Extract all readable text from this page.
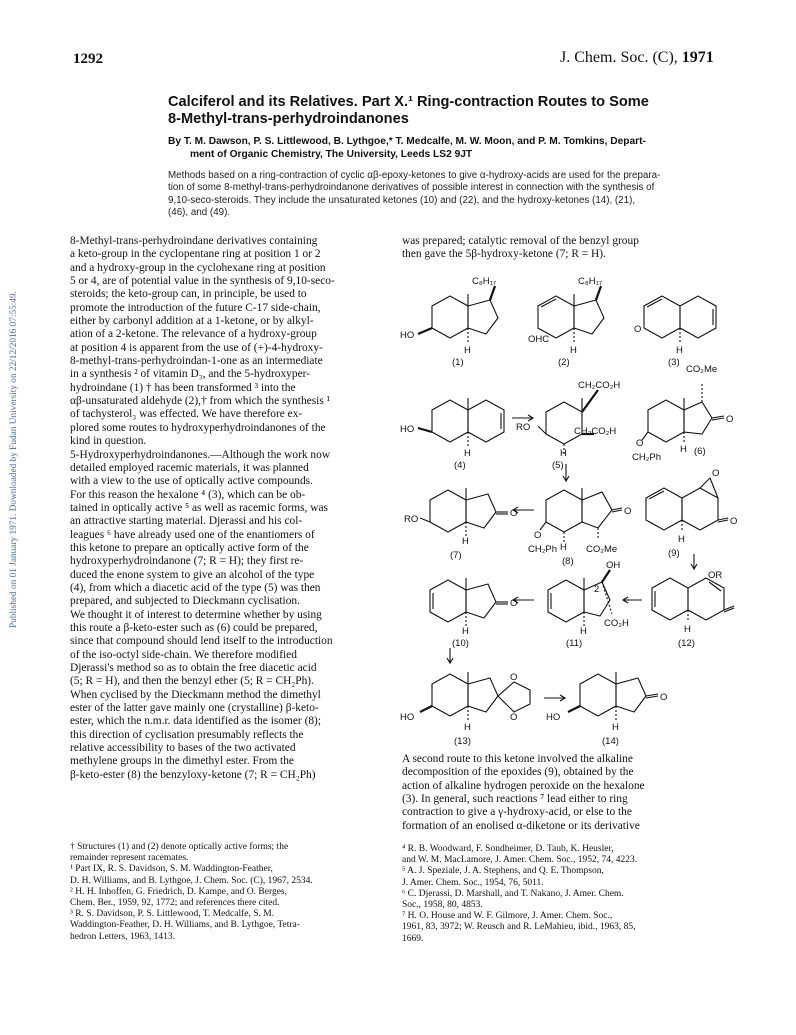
1292	J. Chem. Soc. (C), 1971
Calciferol and its Relatives. Part X.¹ Ring-contraction Routes to Some
8-Methyl-trans-perhydroindanones
By T. M. Dawson, P. S. Littlewood, B. Lythgoe,* T. Medcalfe, M. W. Moon, and P. M. Tomkins, Depart-
ment of Organic Chemistry, The University, Leeds LS2 9JT
Methods based on a ring-contraction of cyclic αβ-epoxy-ketones to give α-hydroxy-acids are used for the prepara-
tion of some 8-methyl-trans-perhydroindanone derivatives of possible interest in connection with the synthesis of
9,10-seco-steroids. They include the unsaturated ketones (10) and (22), and the hydroxy-ketones (14), (21),
(46), and (49).
Published on 01 January 1971. Downloaded by Fudan University on 22/12/2016 07:55:49.
8-Methyl-trans-perhydroindane derivatives containing
a keto-group in the cyclopentane ring at position 1 or 2
and a hydroxy-group in the cyclohexane ring at position
5 or 4, are of potential value in the synthesis of 9,10-seco-
steroids; the keto-group can, in principle, be used to
promote the introduction of the future C-17 side-chain,
either by carbonyl addition at a 1-ketone, or by alkyl-
ation of a 2-ketone. The relevance of a hydroxy-group
at position 4 is apparent from the use of (+)-4-hydroxy-
8-methyl-trans-perhydroindan-1-one as an intermediate
in a synthesis ² of vitamin D₃, and the 5-hydroxyper-
hydroindane (1) † has been transformed ³ into the
αβ-unsaturated aldehyde (2),† from which the synthesis ¹
of tachysterol₃ was effected. We have therefore ex-
plored some routes to hydroxyperhydroindanones of the
kind in question.
5-Hydroxyperhydroindanones.—Although the work now
detailed employed racemic materials, it was planned
with a view to the use of optically active compounds.
For this reason the hexalone ⁴ (3), which can be ob-
tained in optically active ⁵ as well as racemic forms, was
an attractive starting material. Djerassi and his col-
leagues ⁶ have already used one of the enantiomers of
this ketone to prepare an optically active form of the
hydroxyperhydroindanone (7; R = H); they first re-
duced the enone system to give an alcohol of the type
(4), from which a diacetic acid of the type (5) was then
prepared, and subjected to Dieckmann cyclisation.
We thought it of interest to determine whether by using
this route a β-keto-ester such as (6) could be prepared,
since that compound should lend itself to the introduction
of the iso-octyl side-chain. We therefore modified
Djerassi's method so as to obtain the free diacetic acid
(5; R = H), and then the benzyl ether (5; R = CH₂Ph).
When cyclised by the Dieckmann method the dimethyl
ester of the latter gave mainly one (crystalline) β-keto-
ester, which the n.m.r. data identified as the isomer (8);
this direction of cyclisation presumably reflects the
relative accessibility to bases of the two activated
methylene groups in the dimethyl ester. From the
β-keto-ester (8) the benzyloxy-ketone (7; R = CH₂Ph)
was prepared; catalytic removal of the benzyl group
then gave the 5β-hydroxy-ketone (7; R = H).
C₈H₁₇	C₈H₁₇
HO
H
OHC
H
O
H
HO
H
CH₂CO₂H
CH₂CO₂H
RO
H
CO₂Me
O
O
CH₂Ph
H
RO
H
O	O
O
CH₂Ph H CO₂Me
O
O
H
O
H
OH
2
CO₂H
H
OR
H
HO
O
O
H
HO
O
H
(1)	(2)	(3)
(4)	(5)
(6)
(7)
(8)
(9)
(10)	(11)	(12)
(13)	(14)
A second route to this ketone involved the alkaline
decomposition of the epoxides (9), obtained by the
action of alkaline hydrogen peroxide on the hexalone
(3). In general, such reactions ⁷ lead either to ring
contraction to give a γ-hydroxy-acid, or else to the
formation of an enolised α-diketone or its derivative
† Structures (1) and (2) denote optically active forms; the
remainder represent racemates.
¹ Part IX, R. S. Davidson, S. M. Waddington-Feather,
D. H. Williams, and B. Lythgoe, J. Chem. Soc. (C), 1967, 2534.
² H. H. Inhoffen, G. Friedrich, D. Kampe, and O. Berges,
Chem. Ber., 1959, 92, 1772; and references there cited.
³ R. S. Davidson, P. S. Littlewood, T. Medcalfe, S. M.
Waddington-Feather, D. H. Williams, and B. Lythgoe, Tetra-
hedron Letters, 1963, 1413.
⁴ R. B. Woodward, F. Sondheimer, D. Taub, K. Heusler,
and W. M. MacLamore, J. Amer. Chem. Soc., 1952, 74, 4223.
⁵ A. J. Speziale, J. A. Stephens, and Q. E. Thompson,
J. Amer. Chem. Soc., 1954, 76, 5011.
⁶ C. Djerassi, D. Marshall, and T. Nakano, J. Amer. Chem.
Soc., 1958, 80, 4853.
⁷ H. O. House and W. F. Gilmore, J. Amer. Chem. Soc.,
1961, 83, 3972; W. Reusch and R. LeMahieu, ibid., 1963, 85,
1669.
